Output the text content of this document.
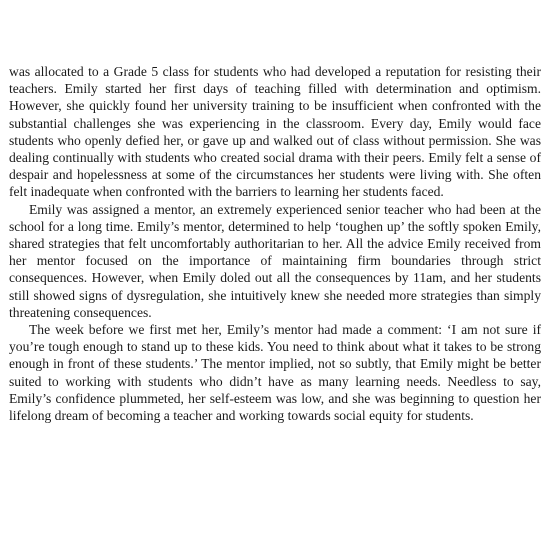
was allocated to a Grade 5 class for students who had developed a reputation for resisting their teachers. Emily started her first days of teaching filled with determination and optimism. However, she quickly found her university training to be insufficient when confronted with the substantial challenges she was experiencing in the classroom. Every day, Emily would face students who openly defied her, or gave up and walked out of class without permission. She was dealing continually with students who created social drama with their peers. Emily felt a sense of despair and hopelessness at some of the circumstances her students were living with. She often felt inadequate when confronted with the barriers to learning her students faced.

Emily was assigned a mentor, an extremely experienced senior teacher who had been at the school for a long time. Emily’s mentor, determined to help ‘toughen up’ the softly spoken Emily, shared strategies that felt uncomfortably authoritarian to her. All the advice Emily received from her mentor focused on the importance of maintaining firm boundaries through strict consequences. However, when Emily doled out all the consequences by 11am, and her students still showed signs of dysregulation, she intuitively knew she needed more strategies than simply threatening consequences.

The week before we first met her, Emily’s mentor had made a comment: ‘I am not sure if you’re tough enough to stand up to these kids. You need to think about what it takes to be strong enough in front of these students.’ The mentor implied, not so subtly, that Emily might be better suited to working with students who didn’t have as many learning needs. Needless to say, Emily’s confidence plummeted, her self-esteem was low, and she was beginning to question her lifelong dream of becoming a teacher and working towards social equity for students.
